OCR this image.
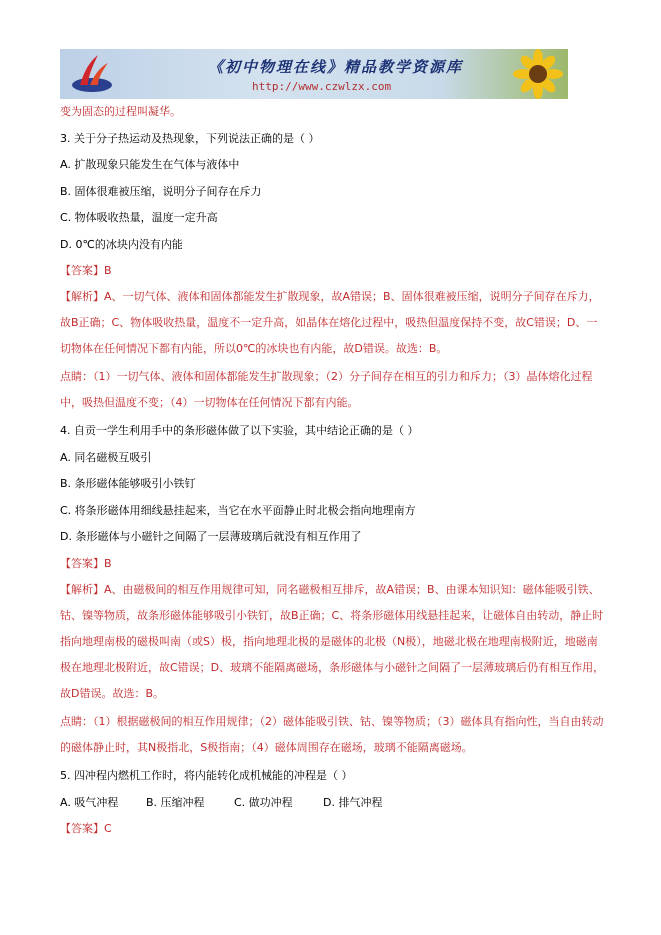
《初中物理在线》精品教学资源库
http://www.czwlzx.com
变为固态的过程叫凝华。
3. 关于分子热运动及热现象，下列说法正确的是（ ）
A. 扩散现象只能发生在气体与液体中
B. 固体很难被压缩，说明分子间存在斥力
C. 物体吸收热量，温度一定升高
D. 0℃的冰块内没有内能
【答案】B
【解析】A、一切气体、液体和固体都能发生扩散现象，故A错误；B、固体很难被压缩，说明分子间存在斥力，故B正确；C、物体吸收热量，温度不一定升高，如晶体在熔化过程中，吸热但温度保持不变，故C错误；D、一切物体在任何情况下都有内能，所以0℃的冰块也有内能，故D错误。故选：B。
点睛：（1）一切气体、液体和固体都能发生扩散现象；（2）分子间存在相互的引力和斥力；（3）晶体熔化过程中，吸热但温度不变；（4）一切物体在任何情况下都有内能。
4. 自贡一学生利用手中的条形磁体做了以下实验，其中结论正确的是（ ）
A. 同名磁极互吸引
B. 条形磁体能够吸引小铁钉
C. 将条形磁体用细线悬挂起来，当它在水平面静止时北极会指向地理南方
D. 条形磁体与小磁针之间隔了一层薄玻璃后就没有相互作用了
【答案】B
【解析】A、由磁极间的相互作用规律可知，同名磁极相互排斥，故A错误；B、由课本知识知：磁体能吸引铁、钴、镍等物质，故条形磁体能够吸引小铁钉，故B正确；C、将条形磁体用线悬挂起来，让磁体自由转动，静止时指向地理南极的磁极叫南（或S）极，指向地理北极的是磁体的北极（N极），地磁北极在地理南极附近，地磁南极在地理北极附近，故C错误；D、玻璃不能隔离磁场，条形磁体与小磁针之间隔了一层薄玻璃后仍有相互作用，故D错误。故选：B。
点睛：（1）根据磁极间的相互作用规律；（2）磁体能吸引铁、钴、镍等物质；（3）磁体具有指向性，当自由转动的磁体静止时，其N极指北，S极指南；（4）磁体周围存在磁场，玻璃不能隔离磁场。
5. 四冲程内燃机工作时，将内能转化成机械能的冲程是（ ）
A. 吸气冲程	B. 压缩冲程	C. 做功冲程	D. 排气冲程
【答案】C
